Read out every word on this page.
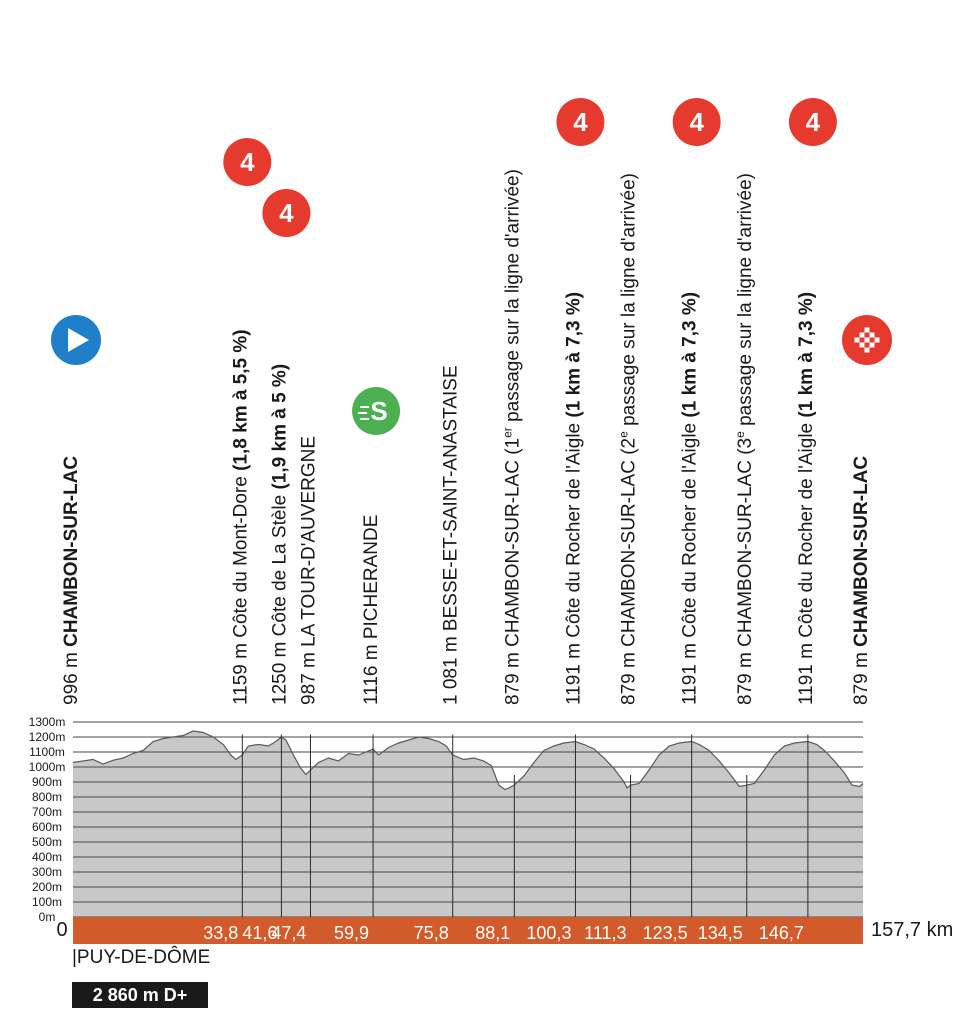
0m
100m
200m
300m
400m
500m
600m
700m
800m
900m
1000m
1100m
1200m
1300m
0	157,7 km
33,8 41,6
47,4 59,9 75,8 88,1 100,3 111,3 123,5 134,5 146,7
996 m CHAMBON-SUR-LAC
1159 m Côte du Mont-Dore (1,8 km à 5,5 %)
4
1250 m Côte de La Stèle (1,9 km à 5 %)
4
987 m LA TOUR-D'AUVERGNE
1116 m PICHERANDE
S
1 081 m BESSE-ET-SAINT-ANASTAISE
879 m CHAMBON-SUR-LAC (1er passage sur la ligne d'arrivée)
1191 m Côte du Rocher de l'Aigle (1 km à 7,3 %)
4
879 m CHAMBON-SUR-LAC (2e passage sur la ligne d'arrivée)
1191 m Côte du Rocher de l'Aigle (1 km à 7,3 %)
4
879 m CHAMBON-SUR-LAC (3e passage sur la ligne d'arrivée)
1191 m Côte du Rocher de l'Aigle (1 km à 7,3 %)
4
879 m CHAMBON-SUR-LAC
|PUY-DE-DÔME
2 860 m D+
